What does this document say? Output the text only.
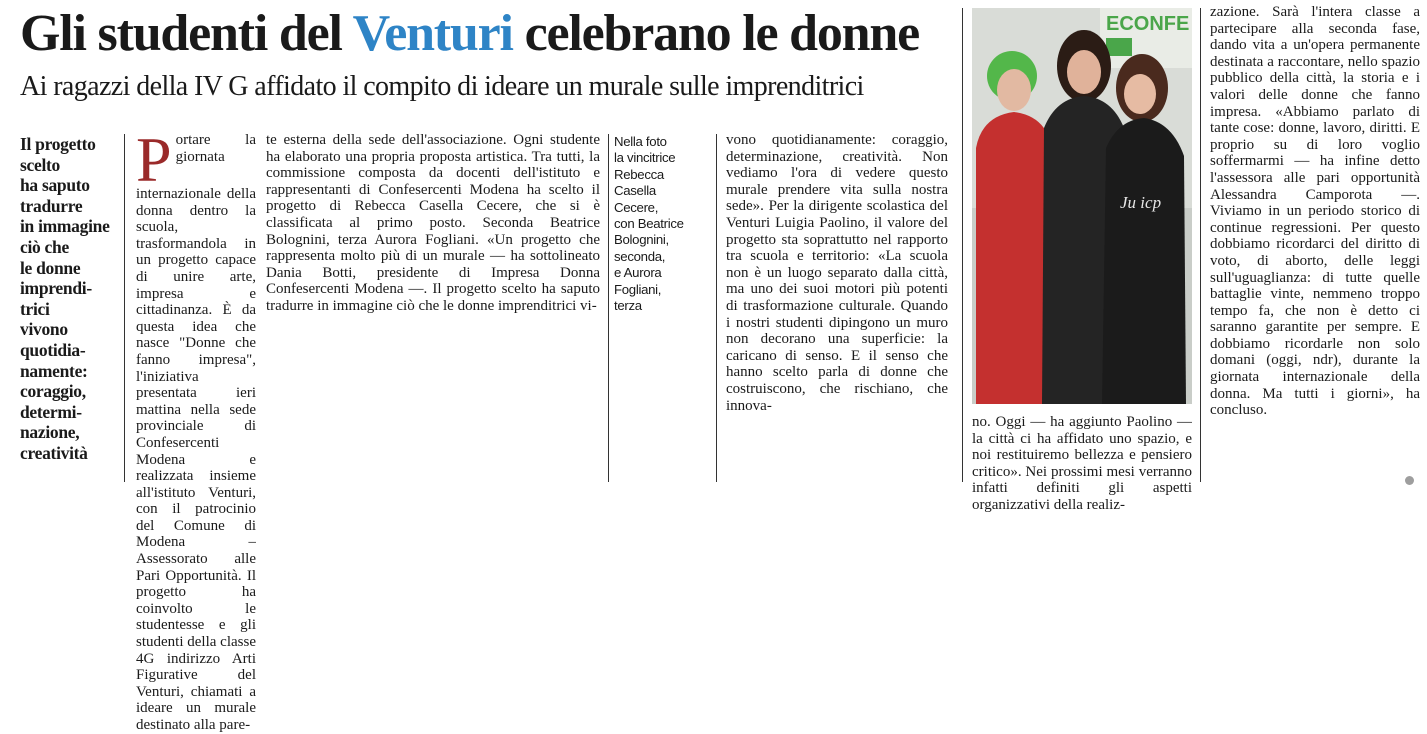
Gli studenti del Venturi celebrano le donne
Ai ragazzi della IV G affidato il compito di ideare un murale sulle imprenditrici
Il progetto
scelto
ha saputo
tradurre
in immagine
ciò che
le donne
imprendi-
trici
vivono
quotidia-
namente:
coraggio,
determi-
nazione,
creatività
Portare la giornata internazionale della donna dentro la scuola, trasformandola in un progetto capace di unire arte, impresa e cittadinanza. È da questa idea che nasce "Donne che fanno impresa", l'iniziativa presentata ieri mattina nella sede provinciale di Confesercenti Modena e realizzata insieme all'istituto Venturi, con il patrocinio del Comune di Modena – Assessorato alle Pari Opportunità. Il progetto ha coinvolto le studentesse e gli studenti della classe 4G indirizzo Arti Figurative del Venturi, chiamati a ideare un murale destinato alla pare-
te esterna della sede dell'associazione. Ogni studente ha elaborato una propria proposta artistica. Tra tutti, la commissione composta da docenti dell'istituto e rappresentanti di Confesercenti Modena ha scelto il progetto di Rebecca Casella Cecere, che si è classificata al primo posto. Seconda Beatrice Bolognini, terza Aurora Fogliani. «Un progetto che rappresenta molto più di un murale — ha sottolineato Dania Botti, presidente di Impresa Donna Confesercenti Modena —. Il progetto scelto ha saputo tradurre in immagine ciò che le donne imprenditrici vi-
Nella foto
la vincitrice
Rebecca
Casella
Cecere,
con Beatrice
Bolognini,
seconda,
e Aurora
Fogliani,
terza
vono quotidianamente: coraggio, determinazione, creatività. Non vediamo l'ora di vedere questo murale prendere vita sulla nostra sede». Per la dirigente scolastica del Venturi Luigia Paolino, il valore del progetto sta soprattutto nel rapporto tra scuola e territorio: «La scuola non è un luogo separato dalla città, ma uno dei suoi motori più potenti di trasformazione culturale. Quando i nostri studenti dipingono un muro non decorano una superficie: la caricano di senso. E il senso che hanno scelto parla di donne che costruiscono, che rischiano, che innova-
ECONFE
Ju icp
no. Oggi — ha aggiunto Paolino — la città ci ha affidato uno spazio, e noi restituiremo bellezza e pensiero critico». Nei prossimi mesi verranno infatti definiti gli aspetti organizzativi della realiz-
zazione. Sarà l'intera classe a partecipare alla seconda fase, dando vita a un'opera permanente destinata a raccontare, nello spazio pubblico della città, la storia e i valori delle donne che fanno impresa. «Abbiamo parlato di tante cose: donne, lavoro, diritti. E proprio su di loro voglio soffermarmi — ha infine detto l'assessora alle pari opportunità Alessandra Camporota —. Viviamo in un periodo storico di continue regressioni. Per questo dobbiamo ricordarci del diritto di voto, di aborto, delle leggi sull'uguaglianza: di tutte quelle battaglie vinte, nemmeno troppo tempo fa, che non è detto ci saranno garantite per sempre. E dobbiamo ricordarle non solo domani (oggi, ndr), durante la giornata internazionale della donna. Ma tutti i giorni», ha concluso.
